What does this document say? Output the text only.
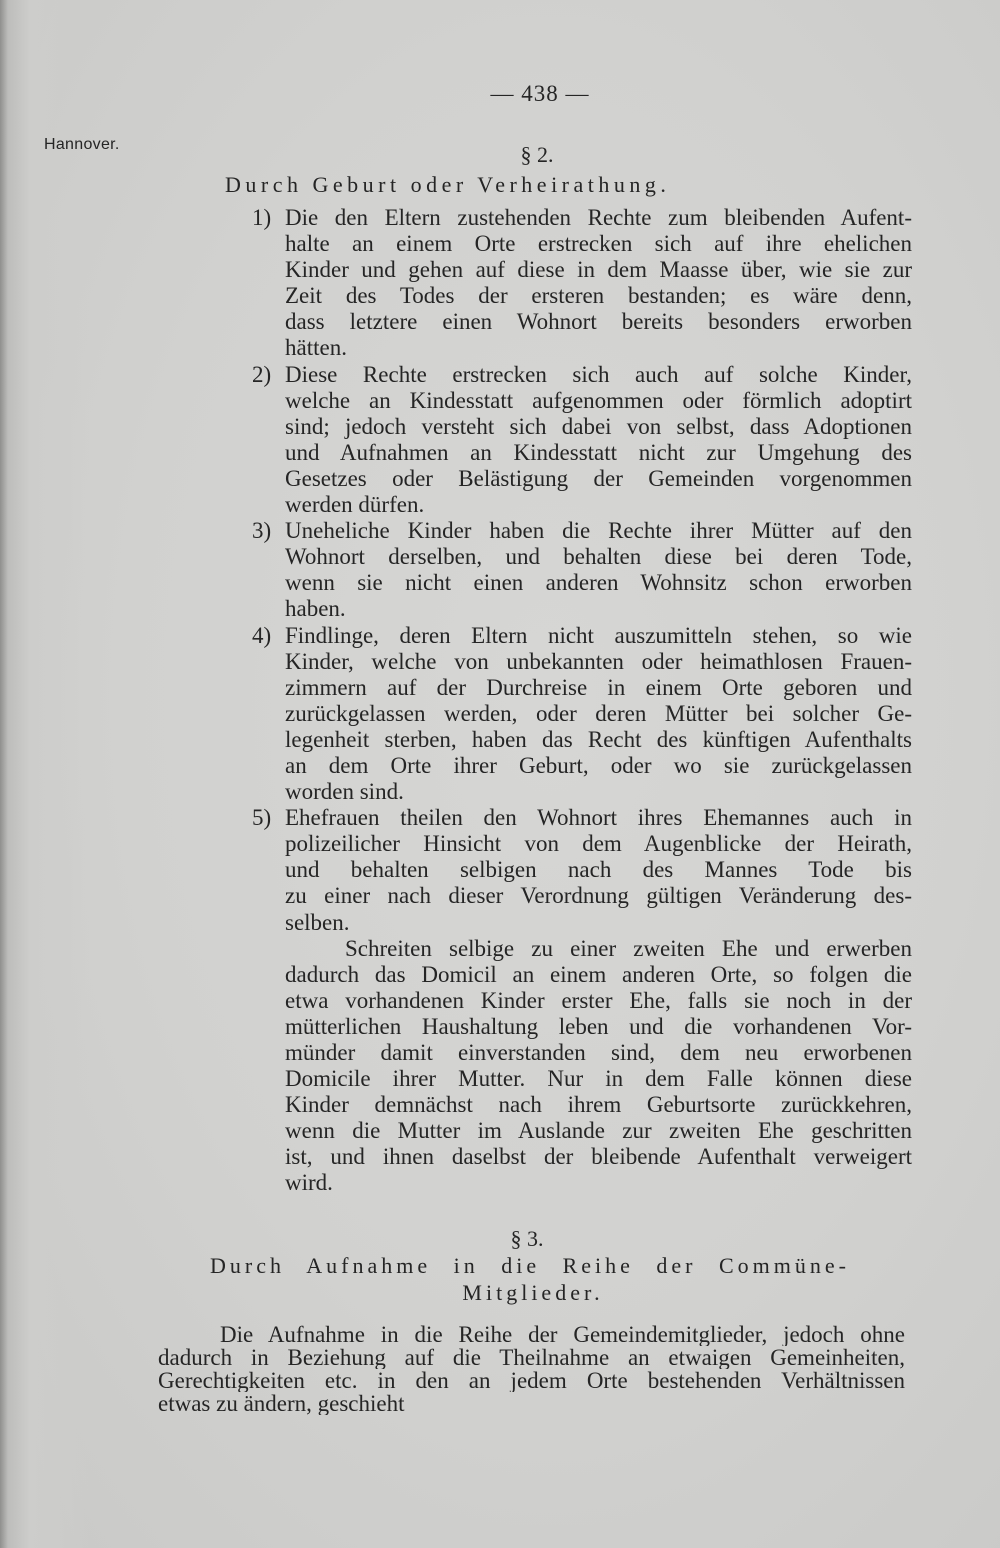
— 438 —
Hannover.	§ 2.
Durch Geburt oder Verheirathung.
1) Die den Eltern zustehenden Rechte zum bleibenden Aufent-
halte an einem Orte erstrecken sich auf ihre ehelichen
Kinder und gehen auf diese in dem Maasse über, wie sie zur
Zeit des Todes der ersteren bestanden; es wäre denn,
dass letztere einen Wohnort bereits besonders erworben
hätten.
2) Diese Rechte erstrecken sich auch auf solche Kinder,
welche an Kindesstatt aufgenommen oder förmlich adoptirt
sind; jedoch versteht sich dabei von selbst, dass Adoptionen
und Aufnahmen an Kindesstatt nicht zur Umgehung des
Gesetzes oder Belästigung der Gemeinden vorgenommen
werden dürfen.
3) Uneheliche Kinder haben die Rechte ihrer Mütter auf den
Wohnort derselben, und behalten diese bei deren Tode,
wenn sie nicht einen anderen Wohnsitz schon erworben
haben.
4) Findlinge, deren Eltern nicht auszumitteln stehen, so wie
Kinder, welche von unbekannten oder heimathlosen Frauen-
zimmern auf der Durchreise in einem Orte geboren und
zurückgelassen werden, oder deren Mütter bei solcher Ge-
legenheit sterben, haben das Recht des künftigen Aufenthalts
an dem Orte ihrer Geburt, oder wo sie zurückgelassen
worden sind.
5) Ehefrauen theilen den Wohnort ihres Ehemannes auch in
polizeilicher Hinsicht von dem Augenblicke der Heirath,
und behalten selbigen nach des Mannes Tode bis
zu einer nach dieser Verordnung gültigen Veränderung des-
selben.
Schreiten selbige zu einer zweiten Ehe und erwerben
dadurch das Domicil an einem anderen Orte, so folgen die
etwa vorhandenen Kinder erster Ehe, falls sie noch in der
mütterlichen Haushaltung leben und die vorhandenen Vor-
münder damit einverstanden sind, dem neu erworbenen
Domicile ihrer Mutter. Nur in dem Falle können diese
Kinder demnächst nach ihrem Geburtsorte zurückkehren,
wenn die Mutter im Auslande zur zweiten Ehe geschritten
ist, und ihnen daselbst der bleibende Aufenthalt verweigert
wird.
§ 3.
Durch Aufnahme in die Reihe der Commüne-
Mitglieder.
Die Aufnahme in die Reihe der Gemeindemitglieder, jedoch ohne
dadurch in Beziehung auf die Theilnahme an etwaigen Gemeinheiten,
Gerechtigkeiten etc. in den an jedem Orte bestehenden Verhältnissen
etwas zu ändern, geschieht
